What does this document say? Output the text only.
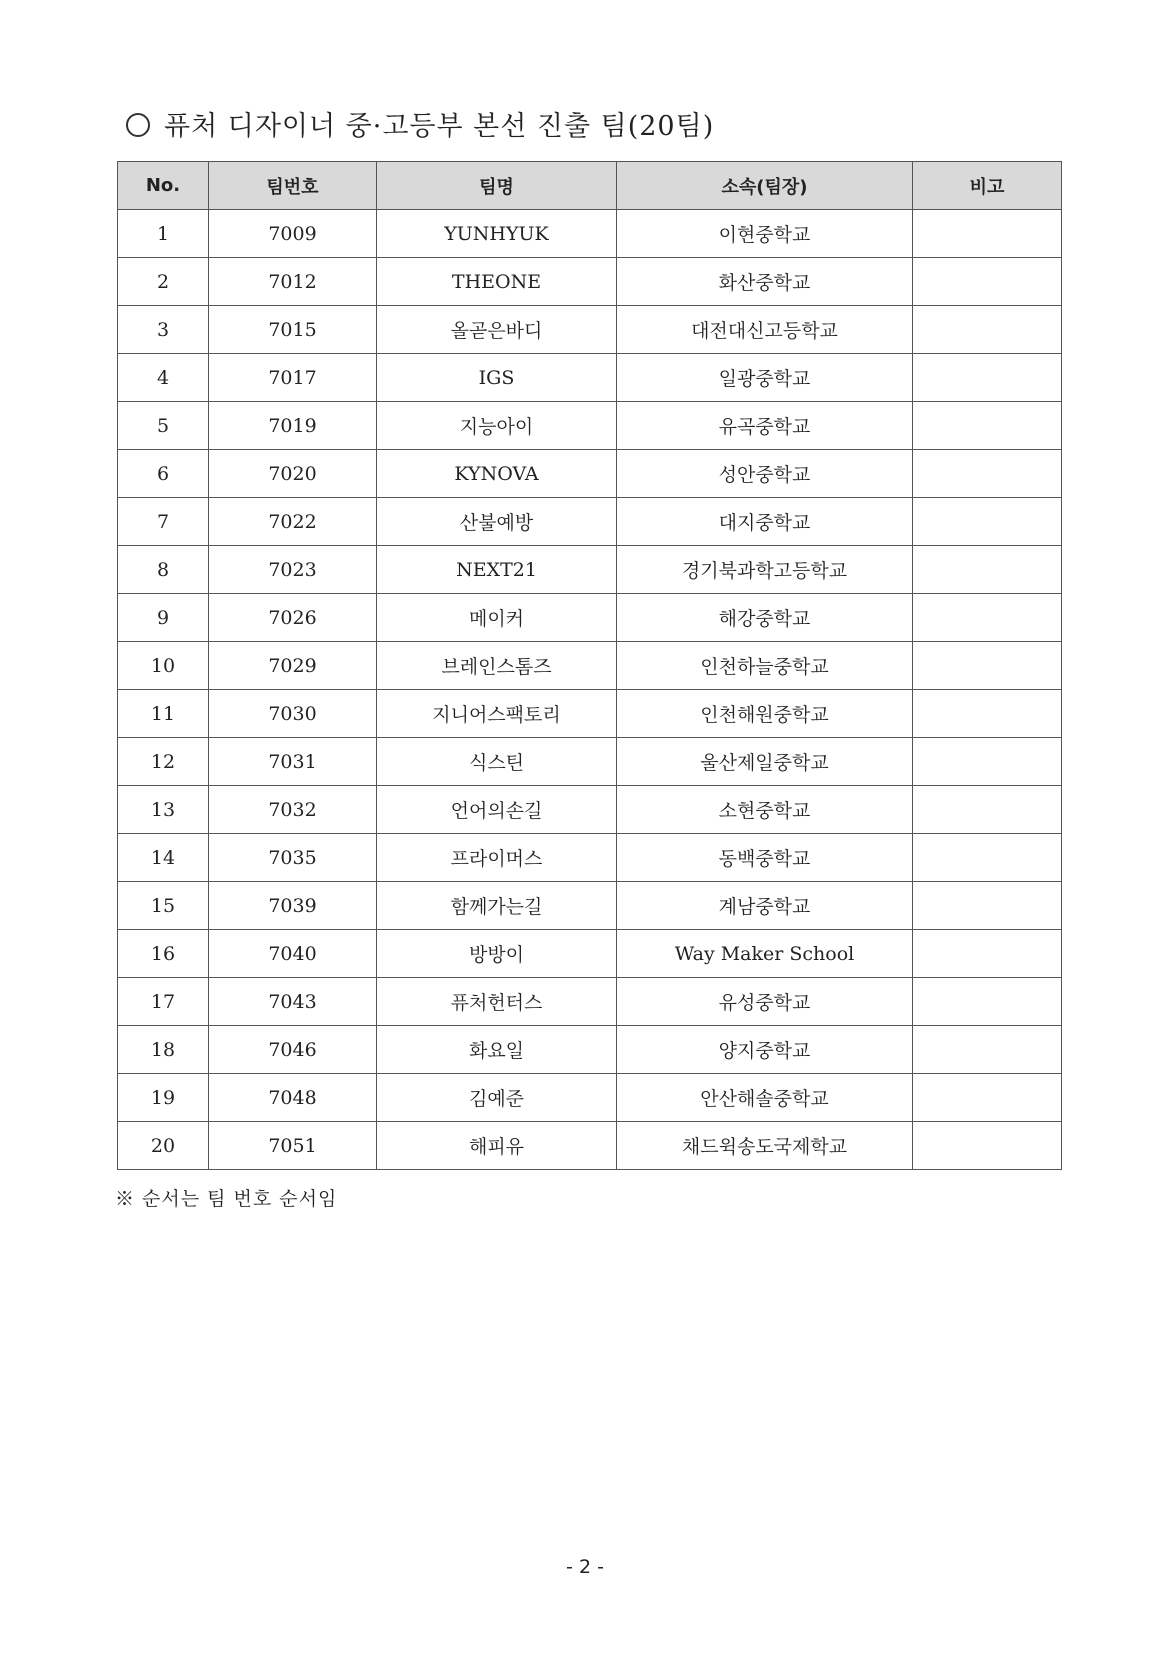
퓨처 디자이너 중·고등부 본선 진출 팀(20팀)
No.	팀번호	팀명	소속(팀장)	비고
1	7009	YUNHYUK	이현중학교	
2	7012	THEONE	화산중학교	
3	7015	올곧은바디	대전대신고등학교	
4	7017	IGS	일광중학교	
5	7019	지능아이	유곡중학교	
6	7020	KYNOVA	성안중학교	
7	7022	산불예방	대지중학교	
8	7023	NEXT21	경기북과학고등학교	
9	7026	메이커	해강중학교	
10	7029	브레인스톰즈	인천하늘중학교	
11	7030	지니어스팩토리	인천해원중학교	
12	7031	식스틴	울산제일중학교	
13	7032	언어의손길	소현중학교	
14	7035	프라이머스	동백중학교	
15	7039	함께가는길	계남중학교	
16	7040	방방이	Way Maker School	
17	7043	퓨처헌터스	유성중학교	
18	7046	화요일	양지중학교	
19	7048	김예준	안산해솔중학교	
20	7051	해피유	채드윅송도국제학교	
※ 순서는 팀 번호 순서임
- 2 -
